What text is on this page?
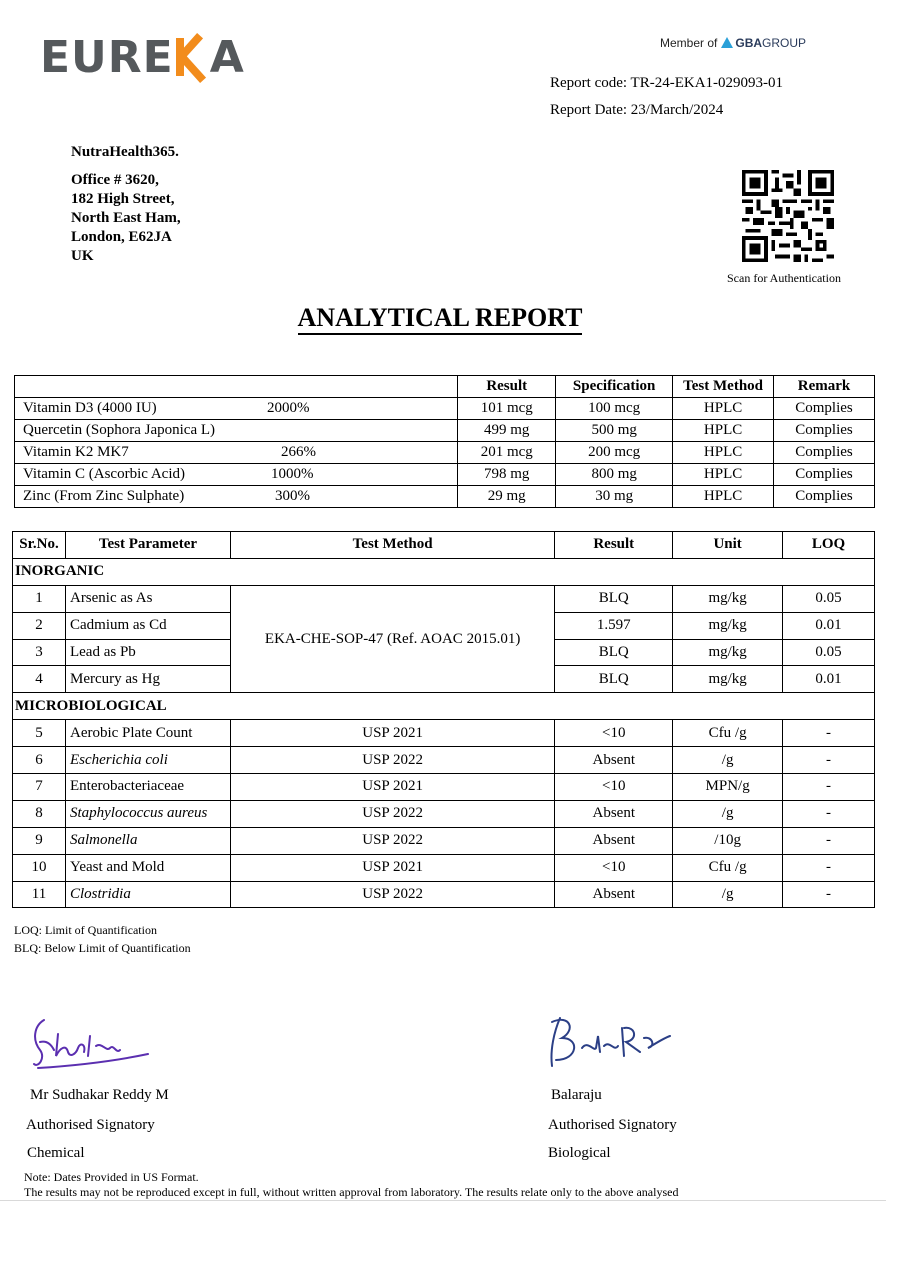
EURE A	Member of GBAGROUP
Report code: TR-24-EKA1-029093-01
Report Date: 23/March/2024
NutraHealth365.
Office # 3620,
182 High Street,
North East Ham,
London, E62JA
UK
Scan for Authentication
ANALYTICAL REPORT
	Result	Specification	Test Method	Remark
Vitamin D3 (4000 IU) 2000%	101 mcg	100 mcg	HPLC	Complies
Quercetin (Sophora Japonica L)	499 mg	500 mg	HPLC	Complies
Vitamin K2 MK7 266%	201 mcg	200 mcg	HPLC	Complies
Vitamin C (Ascorbic Acid) 1000%	798 mg	800 mg	HPLC	Complies
Zinc (From Zinc Sulphate) 300%	29 mg	30 mg	HPLC	Complies
Sr.No.	Test Parameter	Test Method	Result	Unit	LOQ
INORGANIC					
1	Arsenic as As	EKA-CHE-SOP-47 (Ref. AOAC 2015.01)	BLQ	mg/kg	0.05
2	Cadmium as Cd		1.597	mg/kg	0.01
3	Lead as Pb		BLQ	mg/kg	0.05
4	Mercury as Hg		BLQ	mg/kg	0.01
MICROBIOLOGICAL					
5	Aerobic Plate Count	USP 2021	<10	Cfu /g	-
6	Escherichia coli	USP 2022	Absent	/g	-
7	Enterobacteriaceae	USP 2021	<10	MPN/g	-
8	Staphylococcus aureus	USP 2022	Absent	/g	-
9	Salmonella	USP 2022	Absent	/10g	-
10	Yeast and Mold	USP 2021	<10	Cfu /g	-
11	Clostridia	USP 2022	Absent	/g	-
LOQ: Limit of Quantification
BLQ: Below Limit of Quantification
Mr Sudhakar Reddy M
Authorised Signatory
Chemical
Balaraju
Authorised Signatory
Biological
Note: Dates Provided in US Format.
The results may not be reproduced except in full, without written approval from laboratory. The results relate only to the above analysed
